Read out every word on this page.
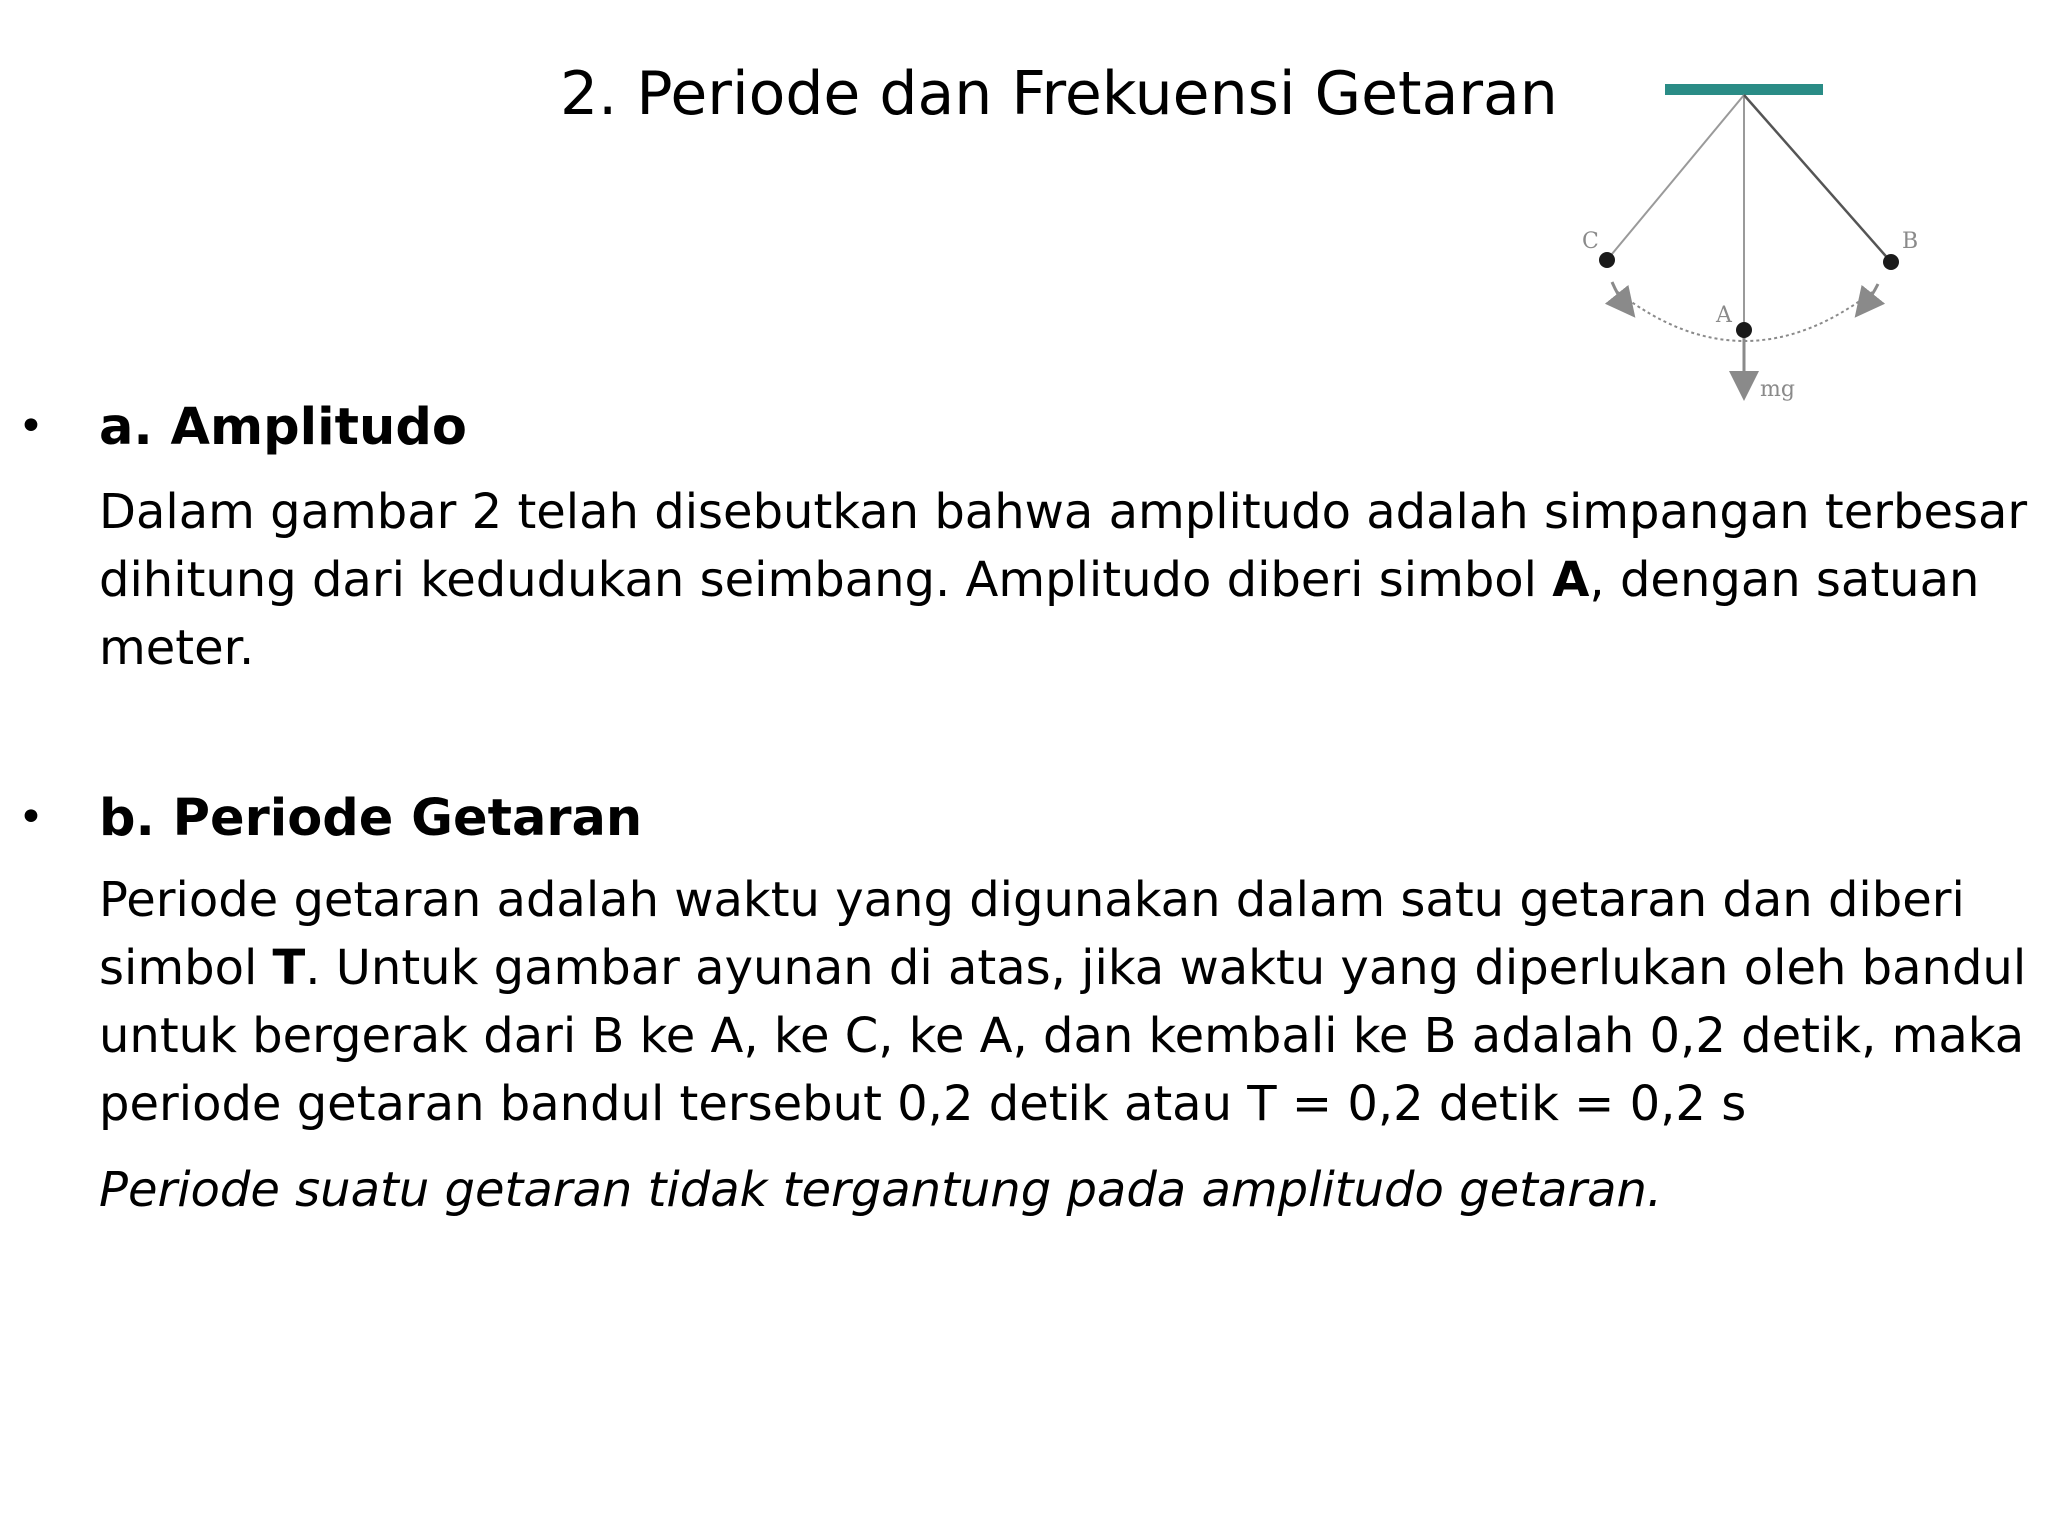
2. Periode dan Frekuensi Getaran
C	B
A
mg
• a. Amplitudo
Dalam gambar 2 telah disebutkan bahwa amplitudo adalah simpangan terbesar
dihitung dari kedudukan seimbang. Amplitudo diberi simbol A, dengan satuan
meter.
• b. Periode Getaran
Periode getaran adalah waktu yang digunakan dalam satu getaran dan diberi
simbol T. Untuk gambar ayunan di atas, jika waktu yang diperlukan oleh bandul
untuk bergerak dari B ke A, ke C, ke A, dan kembali ke B adalah 0,2 detik, maka
periode getaran bandul tersebut 0,2 detik atau T = 0,2 detik = 0,2 s
Periode suatu getaran tidak tergantung pada amplitudo getaran.
